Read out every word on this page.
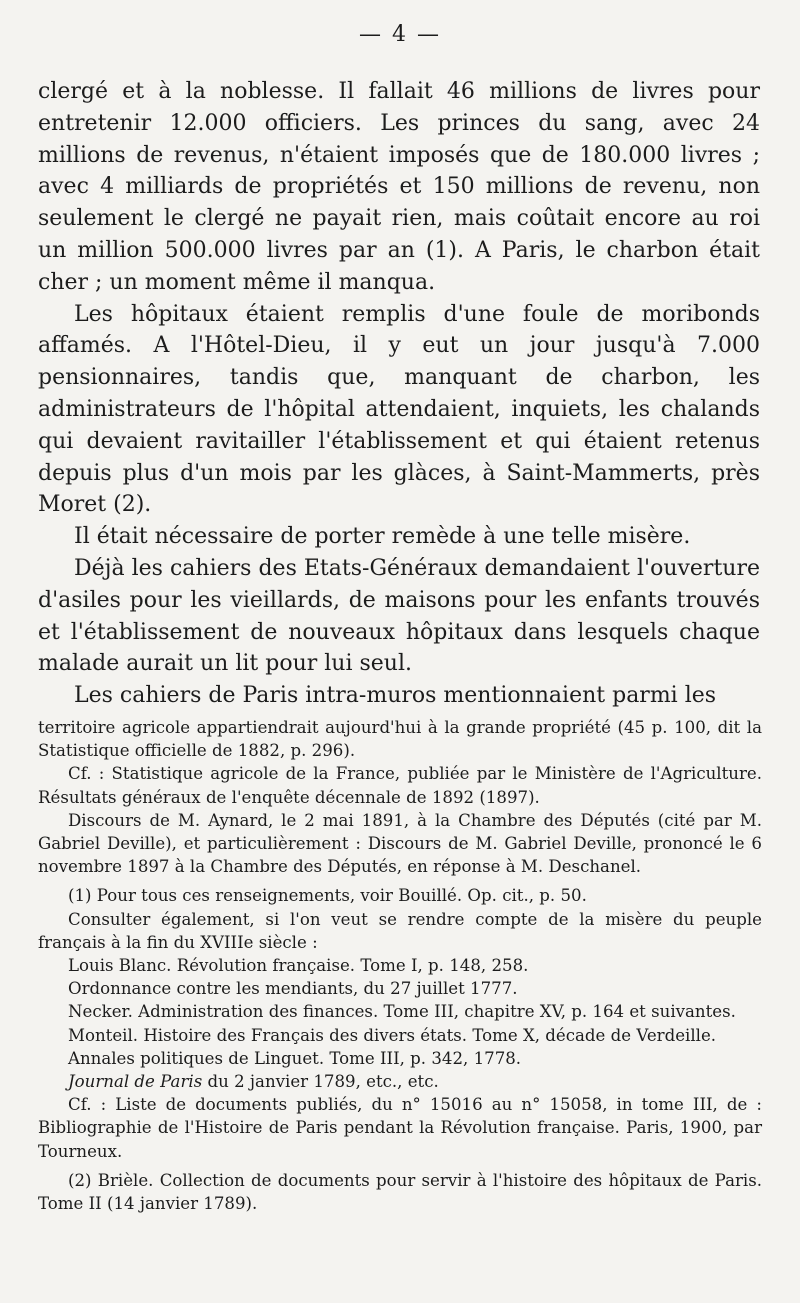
— 4 —

clergé et à la noblesse. Il fallait 46 millions de livres pour entretenir 12.000 officiers. Les princes du sang, avec 24 millions de revenus, n'étaient imposés que de 180.000 livres ; avec 4 milliards de propriétés et 150 millions de revenu, non seulement le clergé ne payait rien, mais coûtait encore au roi un million 500.000 livres par an (1). A Paris, le charbon était cher ; un moment même il manqua.

Les hôpitaux étaient remplis d'une foule de moribonds affamés. A l'Hôtel-Dieu, il y eut un jour jusqu'à 7.000 pensionnaires, tandis que, manquant de charbon, les administrateurs de l'hôpital attendaient, inquiets, les chalands qui devaient ravitailler l'établissement et qui étaient retenus depuis plus d'un mois par les glàces, à Saint-Mammerts, près Moret (2).

Il était nécessaire de porter remède à une telle misère.

Déjà les cahiers des Etats-Généraux demandaient l'ouverture d'asiles pour les vieillards, de maisons pour les enfants trouvés et l'établissement de nouveaux hôpitaux dans lesquels chaque malade aurait un lit pour lui seul.

Les cahiers de Paris intra-muros mentionnaient parmi les

territoire agricole appartiendrait aujourd'hui à la grande propriété (45 p. 100, dit la Statistique officielle de 1882, p. 296).

Cf. : Statistique agricole de la France, publiée par le Ministère de l'Agriculture. Résultats généraux de l'enquête décennale de 1892 (1897).

Discours de M. Aynard, le 2 mai 1891, à la Chambre des Députés (cité par M. Gabriel Deville), et particulièrement : Discours de M. Gabriel Deville, prononcé le 6 novembre 1897 à la Chambre des Députés, en réponse à M. Deschanel.

(1) Pour tous ces renseignements, voir Bouillé. Op. cit., p. 50.

Consulter également, si l'on veut se rendre compte de la misère du peuple français à la fin du XVIIIe siècle :

Louis Blanc. Révolution française. Tome I, p. 148, 258.

Ordonnance contre les mendiants, du 27 juillet 1777.

Necker. Administration des finances. Tome III, chapitre XV, p. 164 et suivantes.

Monteil. Histoire des Français des divers états. Tome X, décade de Verdeille.

Annales politiques de Linguet. Tome III, p. 342, 1778.

Journal de Paris du 2 janvier 1789, etc., etc.

Cf. : Liste de documents publiés, du n° 15016 au n° 15058, in tome III, de : Bibliographie de l'Histoire de Paris pendant la Révolution française. Paris, 1900, par Tourneux.

(2) Brièle. Collection de documents pour servir à l'histoire des hôpitaux de Paris. Tome II (14 janvier 1789).
